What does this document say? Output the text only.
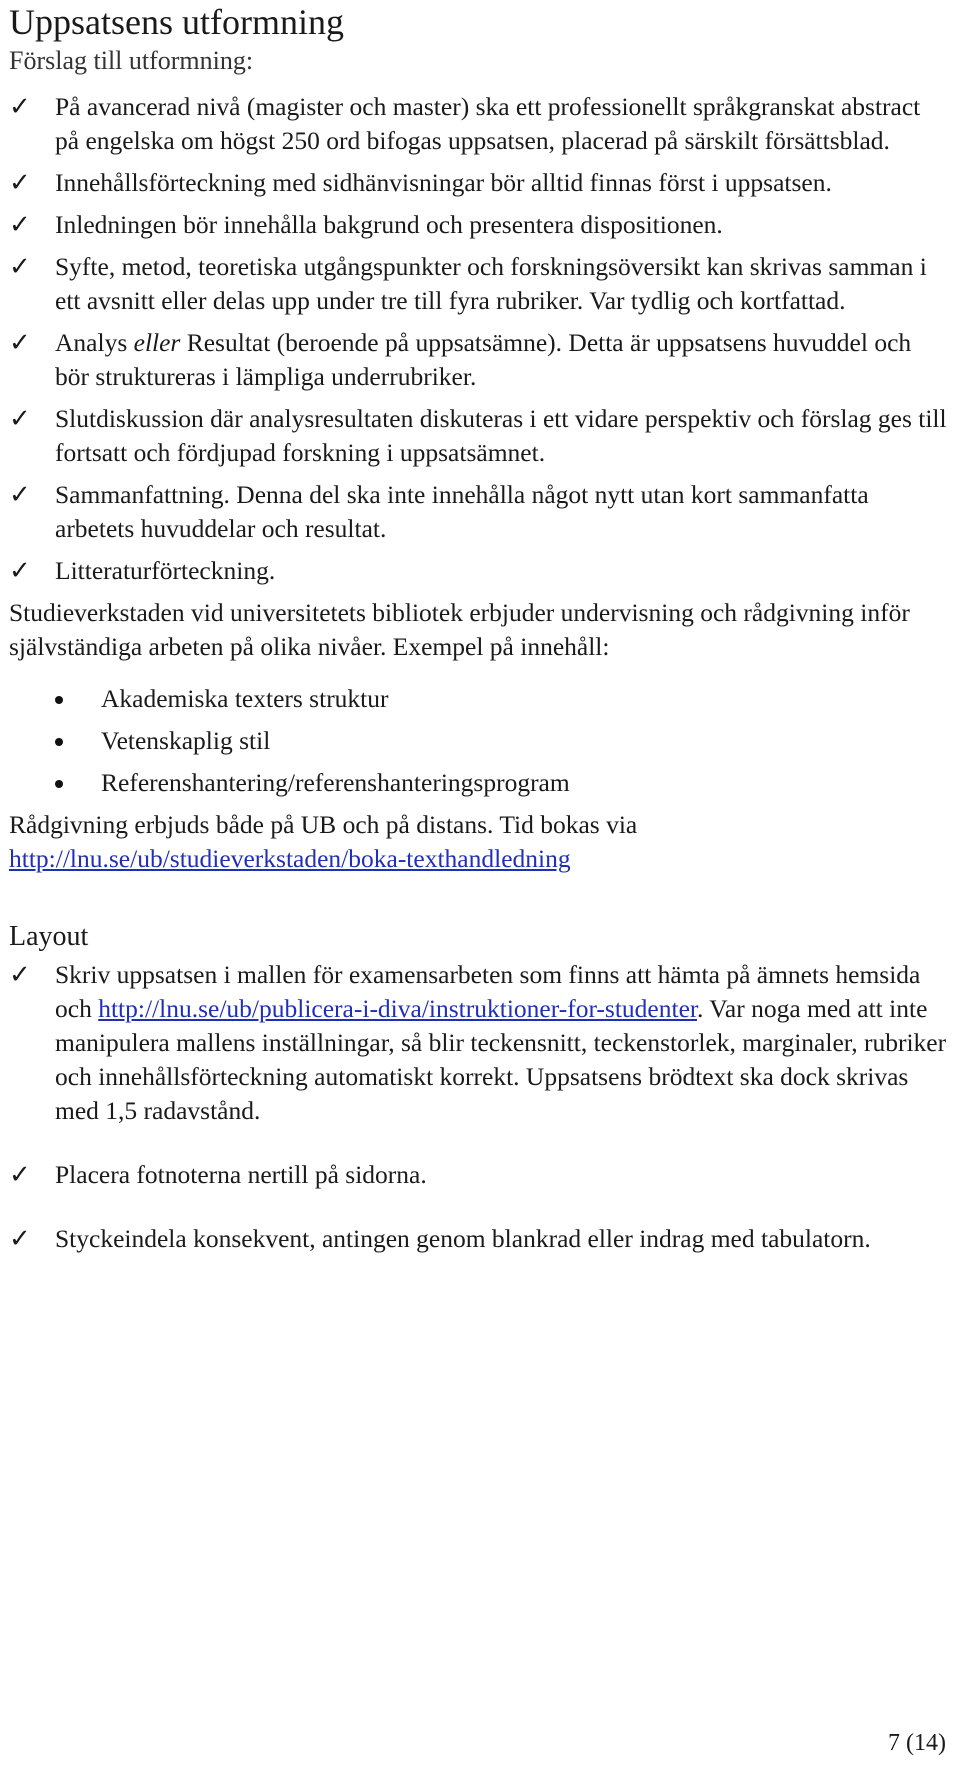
Uppsatsens utformning
Förslag till utformning:
✓ På avancerad nivå (magister och master) ska ett professionellt språkgranskat abstract på engelska om högst 250 ord bifogas uppsatsen, placerad på särskilt försättsblad.
✓ Innehållsförteckning med sidhänvisningar bör alltid finnas först i uppsatsen.
✓ Inledningen bör innehålla bakgrund och presentera dispositionen.
✓ Syfte, metod, teoretiska utgångspunkter och forskningsöversikt kan skrivas samman i ett avsnitt eller delas upp under tre till fyra rubriker. Var tydlig och kortfattad.
✓ Analys eller Resultat (beroende på uppsatsämne). Detta är uppsatsens huvuddel och bör struktureras i lämpliga underrubriker.
✓ Slutdiskussion där analysresultaten diskuteras i ett vidare perspektiv och förslag ges till fortsatt och fördjupad forskning i uppsatsämnet.
✓ Sammanfattning. Denna del ska inte innehålla något nytt utan kort sammanfatta arbetets huvuddelar och resultat.
✓ Litteraturförteckning.

Studieverkstaden vid universitetets bibliotek erbjuder undervisning och rådgivning inför självständiga arbeten på olika nivåer. Exempel på innehåll:

Akademiska texters struktur
Vetenskaplig stil
Referenshantering/referenshanteringsprogram

Rådgivning erbjuds både på UB och på distans. Tid bokas via
http://lnu.se/ub/studieverkstaden/boka-texthandledning

Layout
✓ Skriv uppsatsen i mallen för examensarbeten som finns att hämta på ämnets hemsida och http://lnu.se/ub/publicera-i-diva/instruktioner-for-studenter. Var noga med att inte manipulera mallens inställningar, så blir teckensnitt, teckenstorlek, marginaler, rubriker och innehållsförteckning automatiskt korrekt. Uppsatsens brödtext ska dock skrivas med 1,5 radavstånd.
✓ Placera fotnoterna nertill på sidorna.
✓ Styckeindela konsekvent, antingen genom blankrad eller indrag med tabulatorn.
7 (14)
